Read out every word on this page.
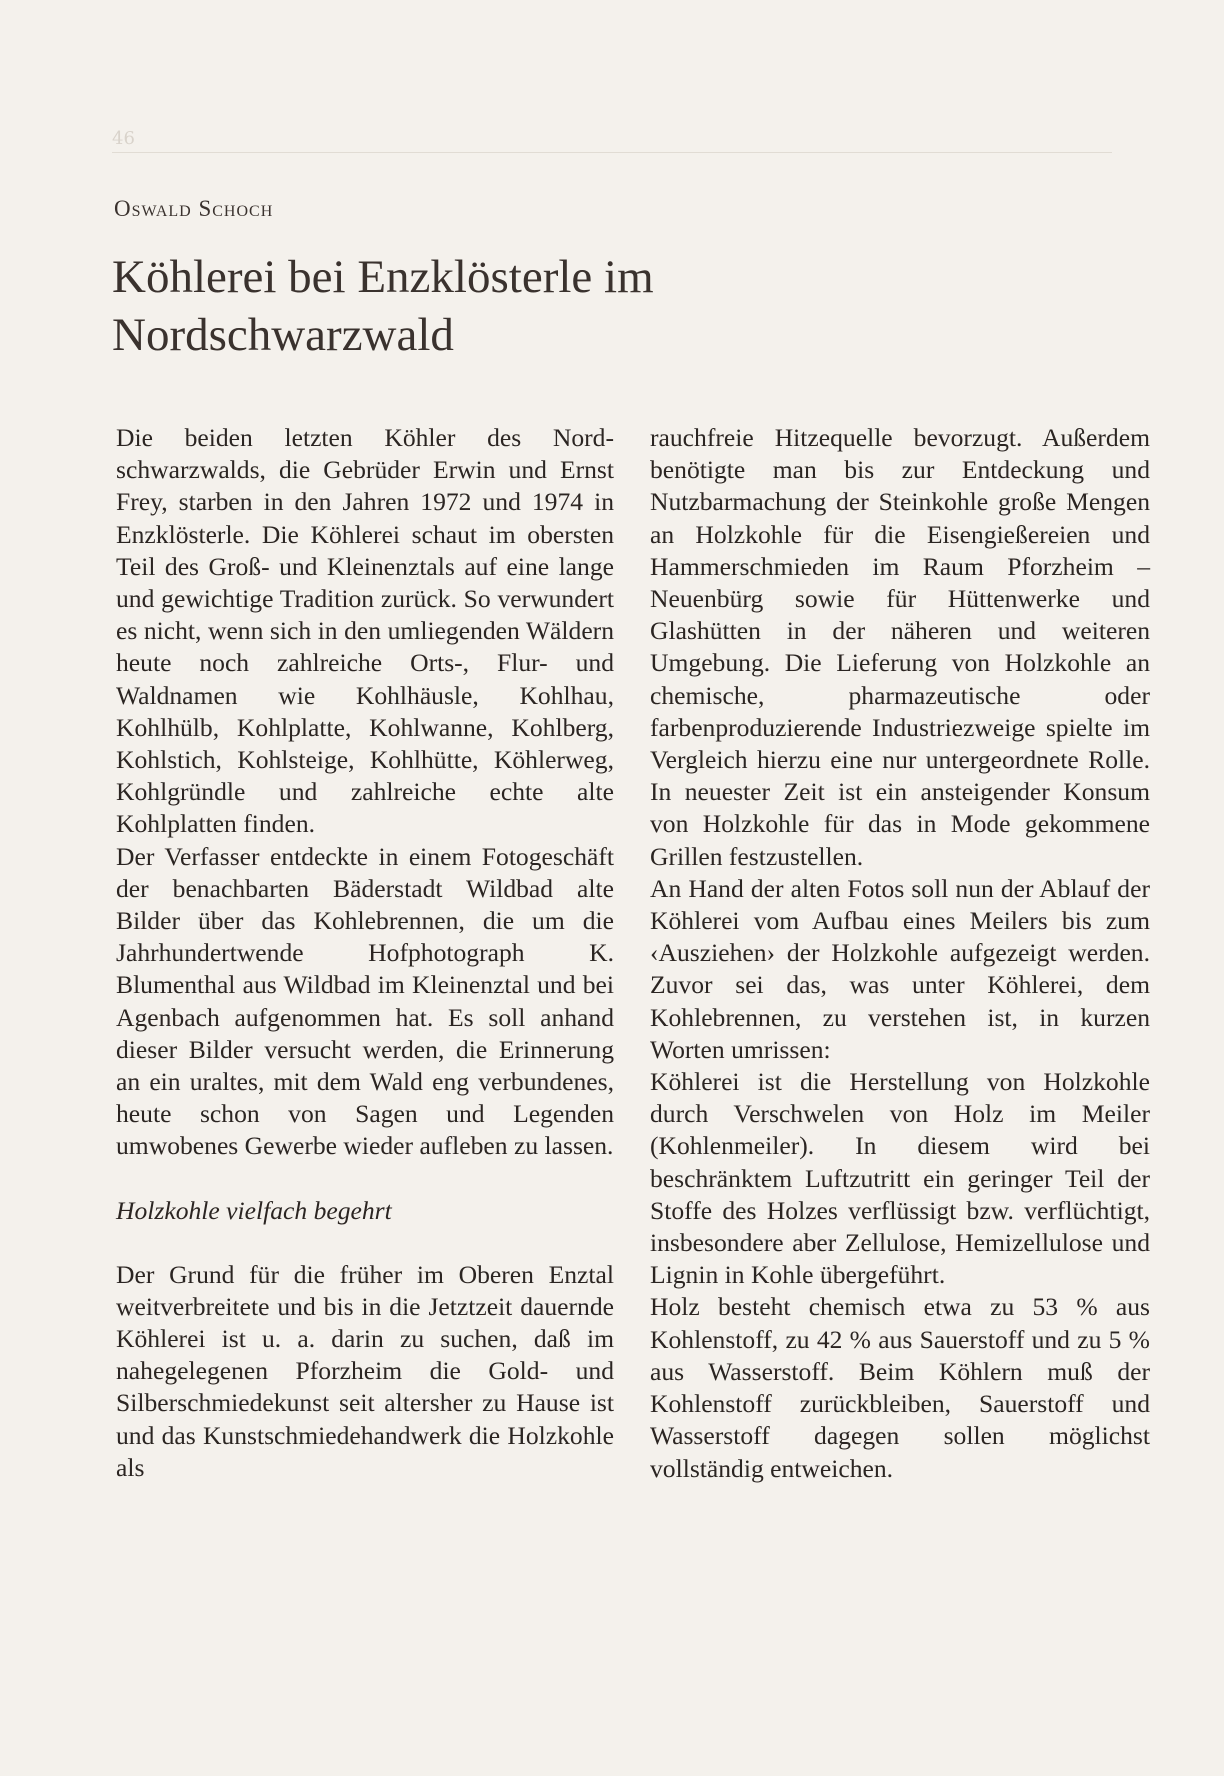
46
Oswald Schoch
Köhlerei bei Enzklösterle im Nordschwarzwald

Die beiden letzten Köhler des Nordschwarzwalds, die Gebrüder Erwin und Ernst Frey, starben in den Jahren 1972 und 1974 in Enzklösterle. Die Köhlerei schaut im obersten Teil des Groß- und Kleinenztals auf eine lange und gewichtige Tradition zurück. So verwundert es nicht, wenn sich in den umliegenden Wäldern heute noch zahlreiche Orts-, Flur- und Waldnamen wie Kohlhäusle, Kohlhau, Kohlhülb, Kohlplatte, Kohlwanne, Kohlberg, Kohlstich, Kohlsteige, Kohlhütte, Köhlerweg, Kohlgründle und zahlreiche echte alte Kohlplatten finden.

Der Verfasser entdeckte in einem Fotogeschäft der benachbarten Bäderstadt Wildbad alte Bilder über das Kohlebrennen, die um die Jahrhundertwende Hofphotograph K. Blumenthal aus Wildbad im Kleinenztal und bei Agenbach aufgenommen hat. Es soll anhand dieser Bilder versucht werden, die Erinnerung an ein uraltes, mit dem Wald eng verbundenes, heute schon von Sagen und Legenden umwobenes Gewerbe wieder aufleben zu lassen.

Holzkohle vielfach begehrt

Der Grund für die früher im Oberen Enztal weitverbreitete und bis in die Jetztzeit dauernde Köhlerei ist u. a. darin zu suchen, daß im nahegelegenen Pforzheim die Gold- und Silberschmiedekunst seit altersher zu Hause ist und das Kunstschmiedehandwerk die Holzkohle als

rauchfreie Hitzequelle bevorzugt. Außerdem benötigte man bis zur Entdeckung und Nutzbarmachung der Steinkohle große Mengen an Holzkohle für die Eisengießereien und Hammerschmieden im Raum Pforzheim – Neuenbürg sowie für Hüttenwerke und Glashütten in der näheren und weiteren Umgebung. Die Lieferung von Holzkohle an chemische, pharmazeutische oder farbenproduzierende Industriezweige spielte im Vergleich hierzu eine nur untergeordnete Rolle. In neuester Zeit ist ein ansteigender Konsum von Holzkohle für das in Mode gekommene Grillen festzustellen.

An Hand der alten Fotos soll nun der Ablauf der Köhlerei vom Aufbau eines Meilers bis zum ‹Ausziehen› der Holzkohle aufgezeigt werden. Zuvor sei das, was unter Köhlerei, dem Kohlebrennen, zu verstehen ist, in kurzen Worten umrissen:

Köhlerei ist die Herstellung von Holzkohle durch Verschwelen von Holz im Meiler (Kohlenmeiler). In diesem wird bei beschränktem Luftzutritt ein geringer Teil der Stoffe des Holzes verflüssigt bzw. verflüchtigt, insbesondere aber Zellulose, Hemizellulose und Lignin in Kohle übergeführt.

Holz besteht chemisch etwa zu 53 % aus Kohlenstoff, zu 42 % aus Sauerstoff und zu 5 % aus Wasserstoff. Beim Köhlern muß der Kohlenstoff zurückbleiben, Sauerstoff und Wasserstoff dagegen sollen möglichst vollständig entweichen.
